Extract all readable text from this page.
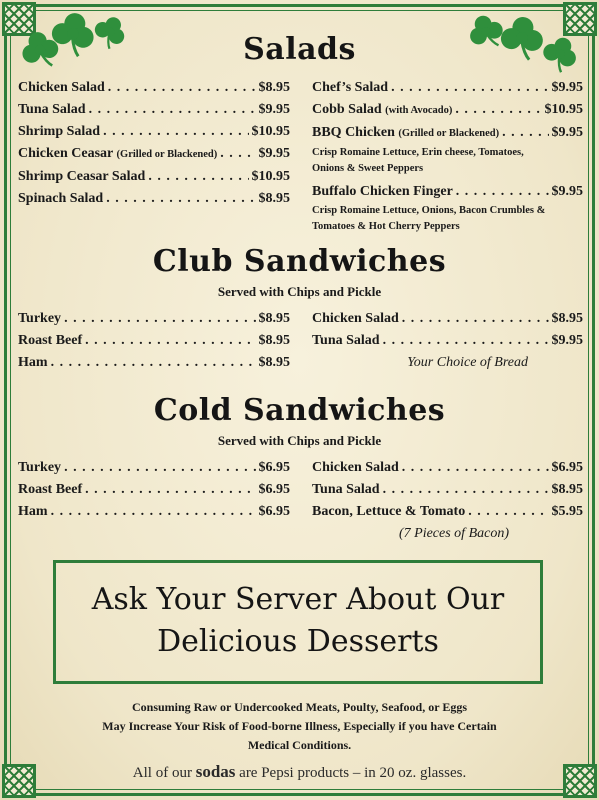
Salads
Chicken Salad . . .	$8.95
Tuna Salad . . .	$9.95
Shrimp Salad . . .	$10.95
Chicken Ceasar (Grilled or Blackened) . . .	$9.95
Shrimp Ceasar Salad . . .	$10.95
Spinach Salad . . .	$8.95
Chef’s Salad . . .	$9.95
Cobb Salad (with Avocado) . . .	$10.95
BBQ Chicken (Grilled or Blackened) . . .	$9.95
Crisp Romaine Lettuce, Erin cheese, Tomatoes, Onions & Sweet Peppers
Buffalo Chicken Finger . . .	$9.95
Crisp Romaine Lettuce, Onions, Bacon Crumbles & Tomatoes & Hot Cherry Peppers
Club Sandwiches
Served with Chips and Pickle
Turkey . . .	$8.95
Roast Beef . . .	$8.95
Ham . . .	$8.95
Chicken Salad . . .	$8.95
Tuna Salad . . .	$9.95
Your Choice of Bread
Cold Sandwiches
Served with Chips and Pickle
Turkey . . .	$6.95
Roast Beef . . .	$6.95
Ham . . .	$6.95
Chicken Salad . . .	$6.95
Tuna Salad . . .	$8.95
Bacon, Lettuce & Tomato . . .	$5.95
(7 Pieces of Bacon)
Ask Your Server About Our
Delicious Desserts
Consuming Raw or Undercooked Meats, Poulty, Seafood, or Eggs
May Increase Your Risk of Food-borne Illness, Especially if you have Certain
Medical Conditions.
All of our sodas are Pepsi products – in 20 oz. glasses.
